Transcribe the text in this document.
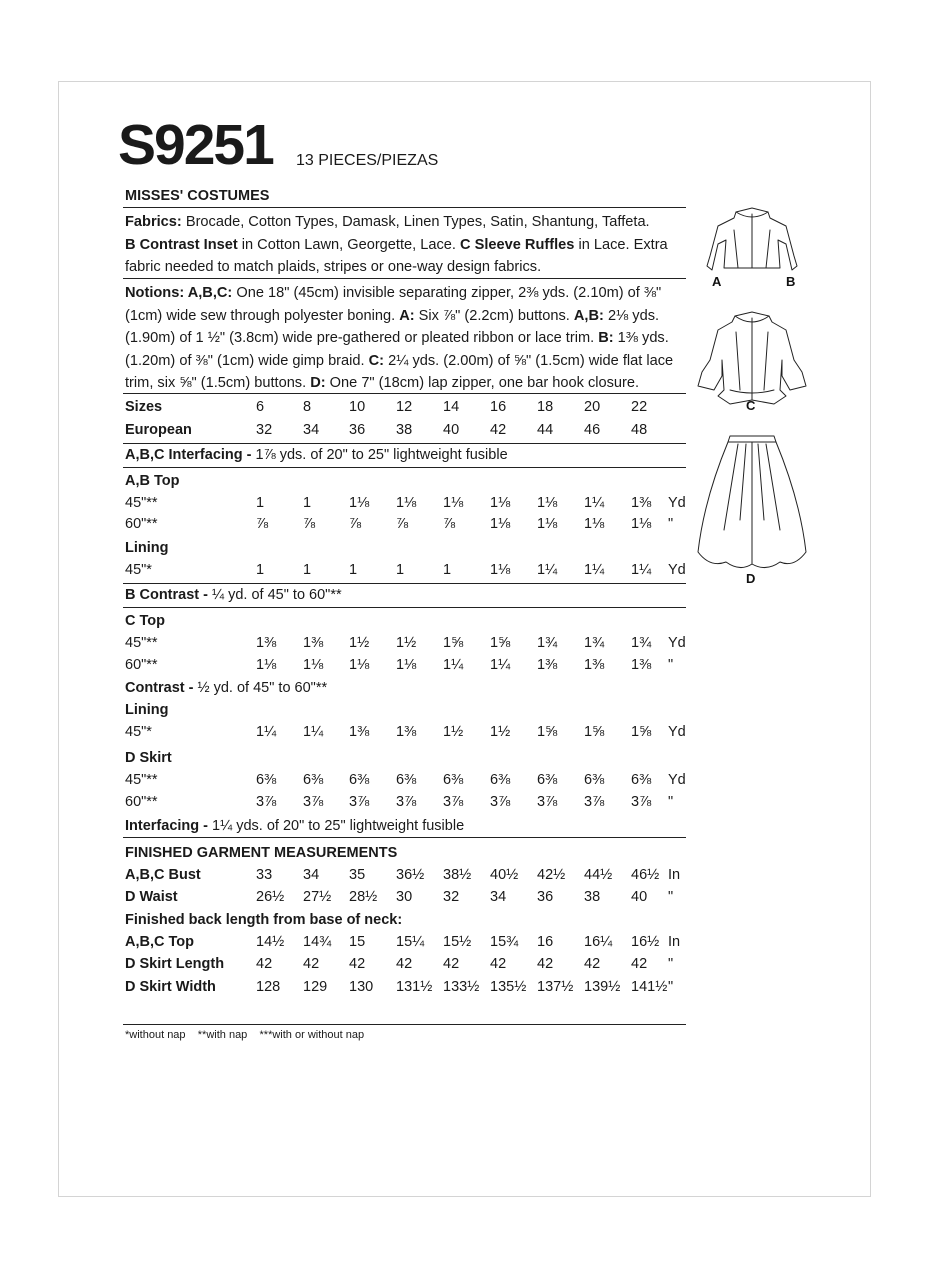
S9251 13 PIECES/PIEZAS
MISSES' COSTUMES
Fabrics: Brocade, Cotton Types, Damask, Linen Types, Satin, Shantung, Taffeta.
B Contrast Inset in Cotton Lawn, Georgette, Lace. C Sleeve Ruffles in Lace. Extra
fabric needed to match plaids, stripes or one-way design fabrics.
Notions: A,B,C: One 18" (45cm) invisible separating zipper, 2⅜ yds. (2.10m) of ⅜"
(1cm) wide sew through polyester boning. A: Six ⅞" (2.2cm) buttons. A,B: 2⅛ yds.
(1.90m) of 1 ½" (3.8cm) wide pre-gathered or pleated ribbon or lace trim. B: 1⅜ yds.
(1.20m) of ⅜" (1cm) wide gimp braid. C: 2¼ yds. (2.00m) of ⅝" (1.5cm) wide flat lace
trim, six ⅝" (1.5cm) buttons. D: One 7" (18cm) lap zipper, one bar hook closure.
Sizes	6	8	10 12 14 16 18 20 22
European	32 34 36 38 40 42 44 46 48
A,B,C Interfacing - 1⅞ yds. of 20" to 25" lightweight fusible
A,B Top
45"**	1	1	1⅛ 1⅛ 1⅛ 1⅛ 1⅛ 1¼ 1⅜ Yd
60"**	⅞ ⅞ ⅞ ⅞ ⅞ 1⅛ 1⅛ 1⅛ 1⅛ "
Lining
45"*	1	1	1	1	1	1⅛ 1¼ 1¼ 1¼ Yd
B Contrast - ¼ yd. of 45" to 60"**
C Top
45"**	1⅜ 1⅜ 1½ 1½ 1⅝ 1⅝ 1¾ 1¾ 1¾ Yd
60"**	1⅛ 1⅛ 1⅛ 1⅛ 1¼ 1¼ 1⅜ 1⅜ 1⅜ "
Contrast - ½ yd. of 45" to 60"**
Lining
45"*	1¼ 1¼ 1⅜ 1⅜ 1½ 1½ 1⅝ 1⅝ 1⅝ Yd
D Skirt
45"**	6⅜ 6⅜ 6⅜ 6⅜ 6⅜ 6⅜ 6⅜ 6⅜ 6⅜ Yd
60"**	3⅞ 3⅞ 3⅞ 3⅞ 3⅞ 3⅞ 3⅞ 3⅞ 3⅞ "
Interfacing - 1¼ yds. of 20" to 25" lightweight fusible
FINISHED GARMENT MEASUREMENTS
A,B,C Bust	33 34 35 36½ 38½ 40½ 42½ 44½ 46½ In
D Waist	26½ 27½ 28½ 30 32 34 36 38 40 "
Finished back length from base of neck:
A,B,C Top	14½ 14¾ 15 15¼ 15½ 15¾ 16 16¼ 16½ In
D Skirt Length 42 42 42 42 42 42 42 42 42 "
D Skirt Width	128 129 130 131½ 133½ 135½ 137½ 139½ 141½ "
*without nap    **with nap    ***with or without nap
A	B
C
D
